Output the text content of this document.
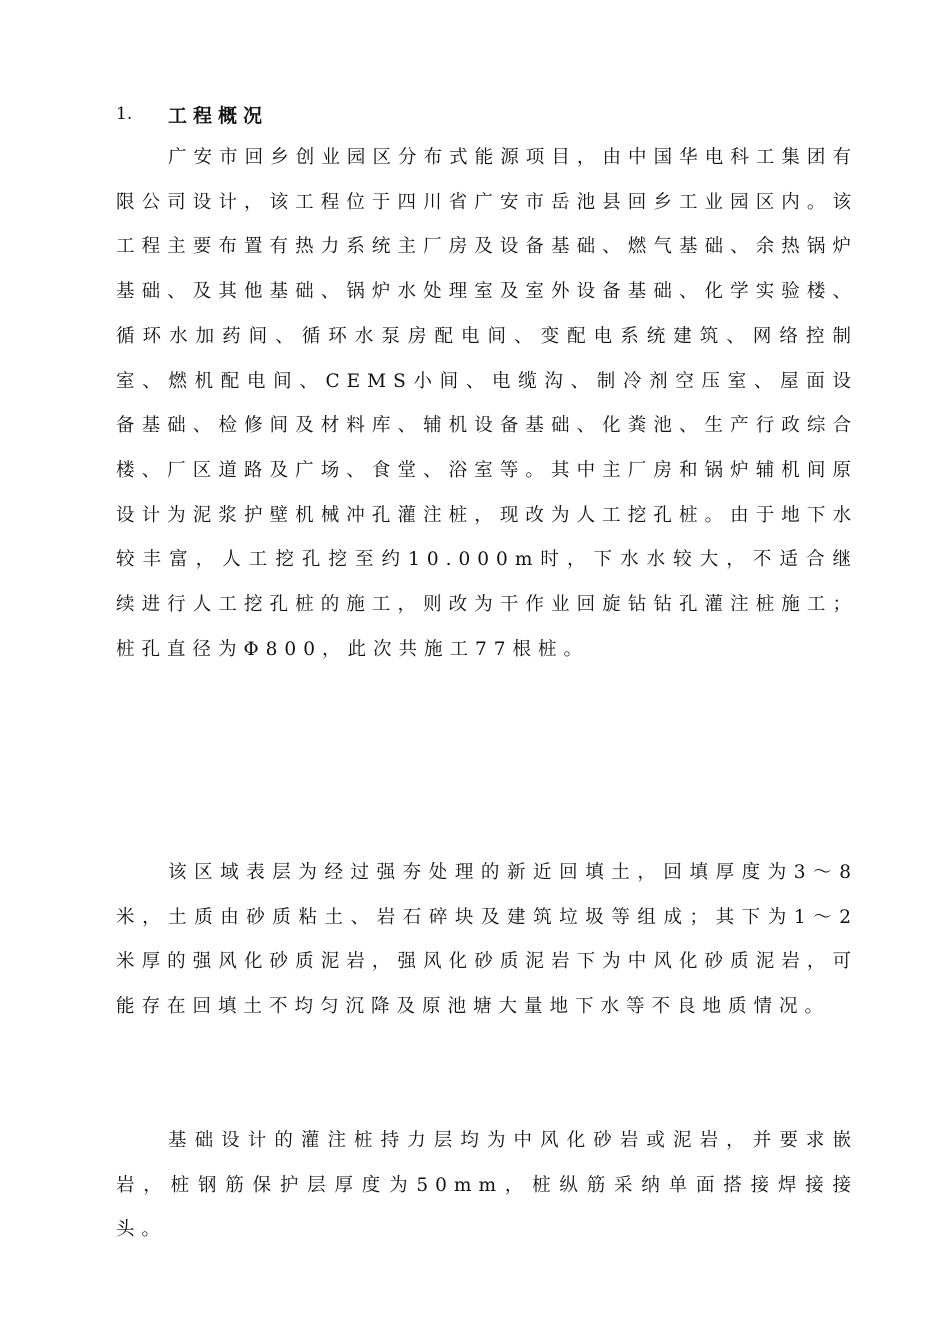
1.	工程概况

广安市回乡创业园区分布式能源项目，由中国华电科工集团有限公司设计，该工程位于四川省广安市岳池县回乡工业园区内。该工程主要布置有热力系统主厂房及设备基础、燃气基础、余热锅炉基础、及其他基础、锅炉水处理室及室外设备基础、化学实验楼、循环水加药间、循环水泵房配电间、变配电系统建筑、网络控制室、燃机配电间、CEMS小间、电缆沟、制冷剂空压室、屋面设备基础、检修间及材料库、辅机设备基础、化粪池、生产行政综合楼、厂区道路及广场、食堂、浴室等。其中主厂房和锅炉辅机间原设计为泥浆护壁机械冲孔灌注桩，现改为人工挖孔桩。由于地下水较丰富，人工挖孔挖至约10.000m时，下水水较大，不适合继续进行人工挖孔桩的施工，则改为干作业回旋钻钻孔灌注桩施工；桩孔直径为Φ800，此次共施工77根桩。

该区域表层为经过强夯处理的新近回填土，回填厚度为3～8米，土质由砂质粘土、岩石碎块及建筑垃圾等组成；其下为1～2米厚的强风化砂质泥岩，强风化砂质泥岩下为中风化砂质泥岩，可能存在回填土不均匀沉降及原池塘大量地下水等不良地质情况。

基础设计的灌注桩持力层均为中风化砂岩或泥岩，并要求嵌岩，桩钢筋保护层厚度为50mm，桩纵筋采纳单面搭接焊接接头。
